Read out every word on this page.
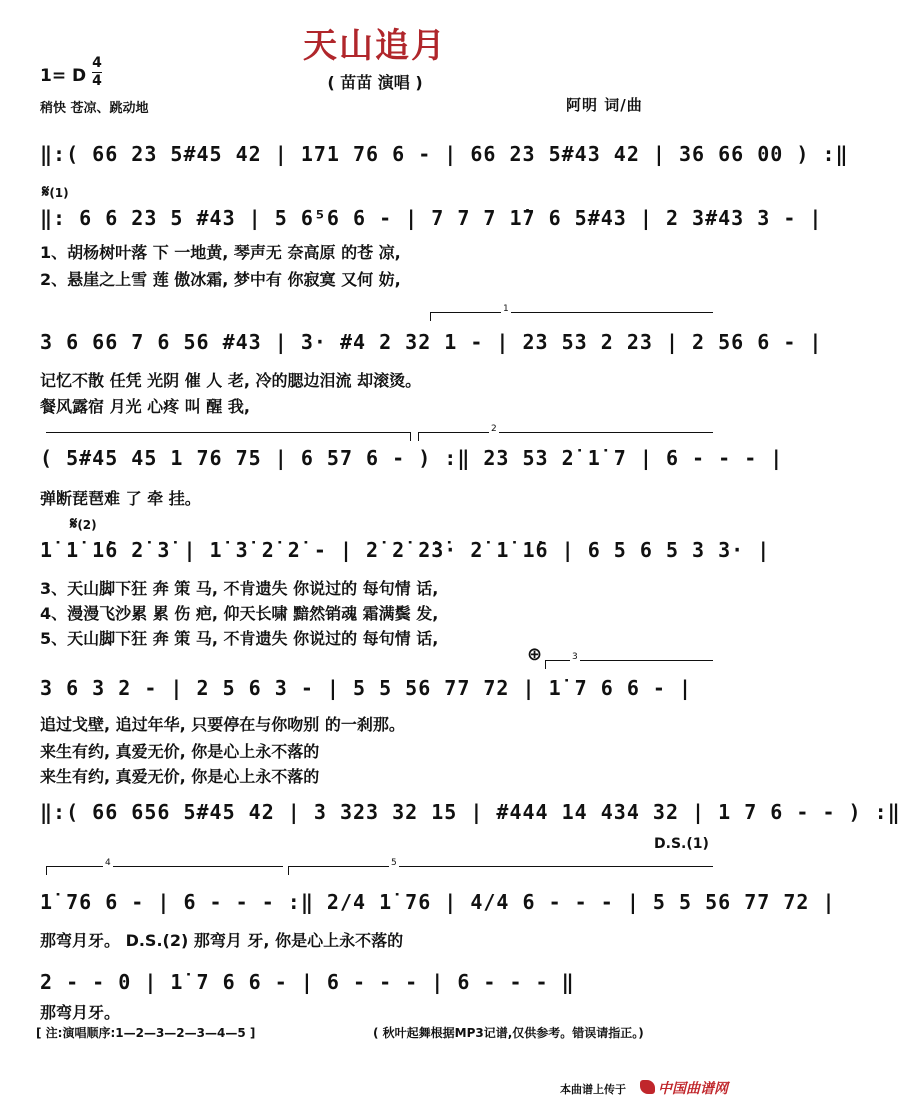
天山追月
1= D
4
4	( 苗苗 演唱 )
稍快 苍凉、跳动地	阿明 词/曲
‖:( 66 23 5#45 42 | 171 76 6 - | 66 23 5#43 42 | 36 66 00 ) :‖
𝄋(1)
‖: 6 6 23 5 #43 | 5 6⁵6 6 - | 7 7 7 1̇7 6 5#43 | 2 3#43 3 - |
1、胡杨树叶落 下 一地黄, 琴声无 奈高原 的苍 凉,
2、悬崖之上雪 莲 傲冰霜, 梦中有 你寂寞 又何 妨,
1
3 6 66 7 6 56 #43 | 3· #4 2 32 1 - | 23 53 2 23 | 2 56 6 - |
记忆不散 任凭 光阴 催 人 老, 冷的腮边泪流 却滚烫。
餐风露宿 月光 心疼 叫 醒 我,
2
( 5#45 45 1 76 75 | 6 57 6 - ) :‖ 23 53 2̇ 1̇ 7 | 6 - - - |
弹断琵琶难 了 牵 挂。
𝄋(2)
1̇ 1̇ 1̇6 2̇ 3̇ | 1̇ 3̇ 2̇ 2̇ - | 2̇ 2̇ 2̇3̇· 2̇ 1̇ 1̇6 | 6 5 6 5 3 3· |
3、天山脚下狂 奔 策 马, 不肯遗失 你说过的 每句情 话,
4、漫漫飞沙累 累 伤 疤, 仰天长啸 黯然销魂 霜满鬓 发,
5、天山脚下狂 奔 策 马, 不肯遗失 你说过的 每句情 话,
⊕	3
3 6 3 2 - | 2 5 6 3 - | 5 5 56 77 72 | 1̇ 7 6 6 - |
追过戈壁, 追过年华, 只要停在与你吻别 的一刹那。
来生有约, 真爱无价, 你是心上永不落的
来生有约, 真爱无价, 你是心上永不落的
‖:( 66 656 5#45 42 | 3 323 32 15 | #444 14 434 32 | 1 7 6 - - ) :‖
D.S.(1)
4	5
1̇ 76 6 - | 6 - - - :‖ 2/4 1̇ 76 | 4/4 6 - - - | 5 5 56 77 72 |
那弯月牙。 D.S.(2) 那弯月 牙, 你是心上永不落的
2 - - 0 | 1̇ 7 6 6 - | 6 - - - | 6 - - - ‖
那弯月牙。
[ 注:演唱顺序:1—2—3—2—3—4—5 ]	( 秋叶起舞根据MP3记谱,仅供参考。错误请指正。)
本曲谱上传于 中国曲谱网
